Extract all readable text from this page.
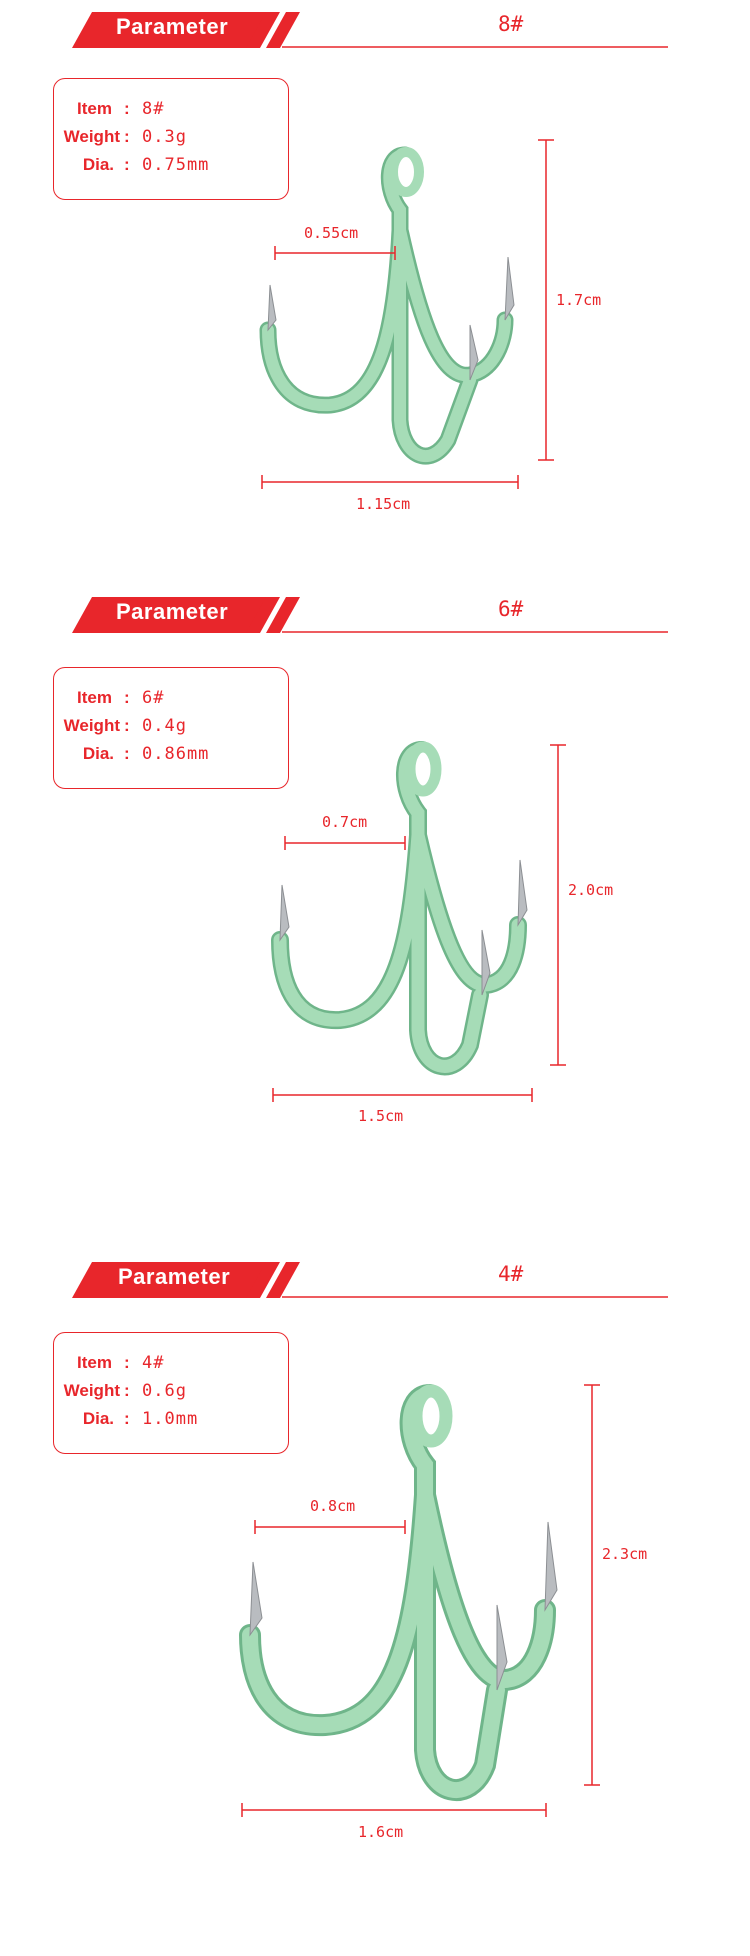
Parameter	8#
Item : 8#
Weight : 0.3g
Dia. : 0.75mm
0.55cm
1.7cm
1.15cm
Parameter	6#
Item : 6#
Weight : 0.4g
Dia. : 0.86mm
0.7cm
2.0cm
1.5cm
Parameter	4#
Item : 4#
Weight : 0.6g
Dia. : 1.0mm
0.8cm
2.3cm
1.6cm
